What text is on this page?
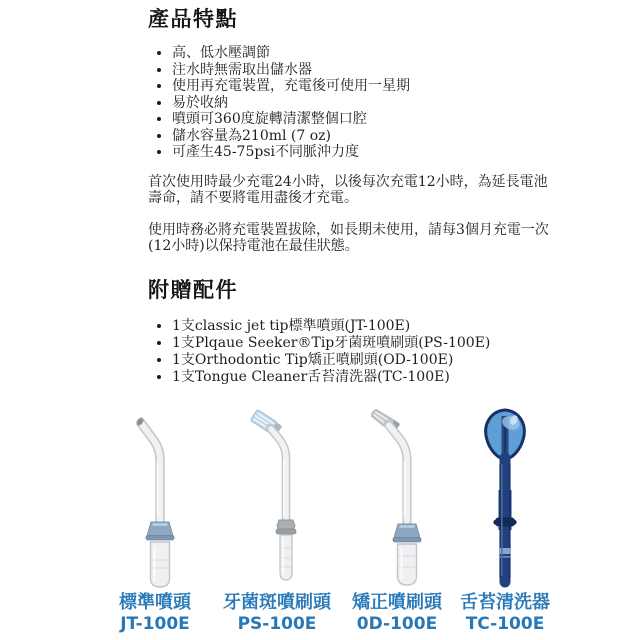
產品特點
• 高、低水壓調節
• 注水時無需取出儲水器
• 使用再充電裝置，充電後可使用一星期
• 易於收納
• 噴頭可360度旋轉清潔整個口腔
• 儲水容量為210ml (7 oz)
• 可產生45-75psi不同脈沖力度

首次使用時最少充電24小時，以後每次充電12小時，為延長電池壽命，請不要將電用盡後才充電。

使用時務必將充電裝置拔除，如長期未使用，請每3個月充電一次(12小時)以保持電池在最佳狀態。

附贈配件
• 1支classic jet tip標準噴頭(JT-100E)
• 1支Plqaue Seeker®Tip牙菌斑噴刷頭(PS-100E)
• 1支Orthodontic Tip矯正噴刷頭(OD-100E)
• 1支Tongue Cleaner舌苔清洗器(TC-100E)
標準噴頭
JT-100E
牙菌斑噴刷頭
PS-100E
矯正噴刷頭
0D-100E
舌苔清洗器
TC-100E
